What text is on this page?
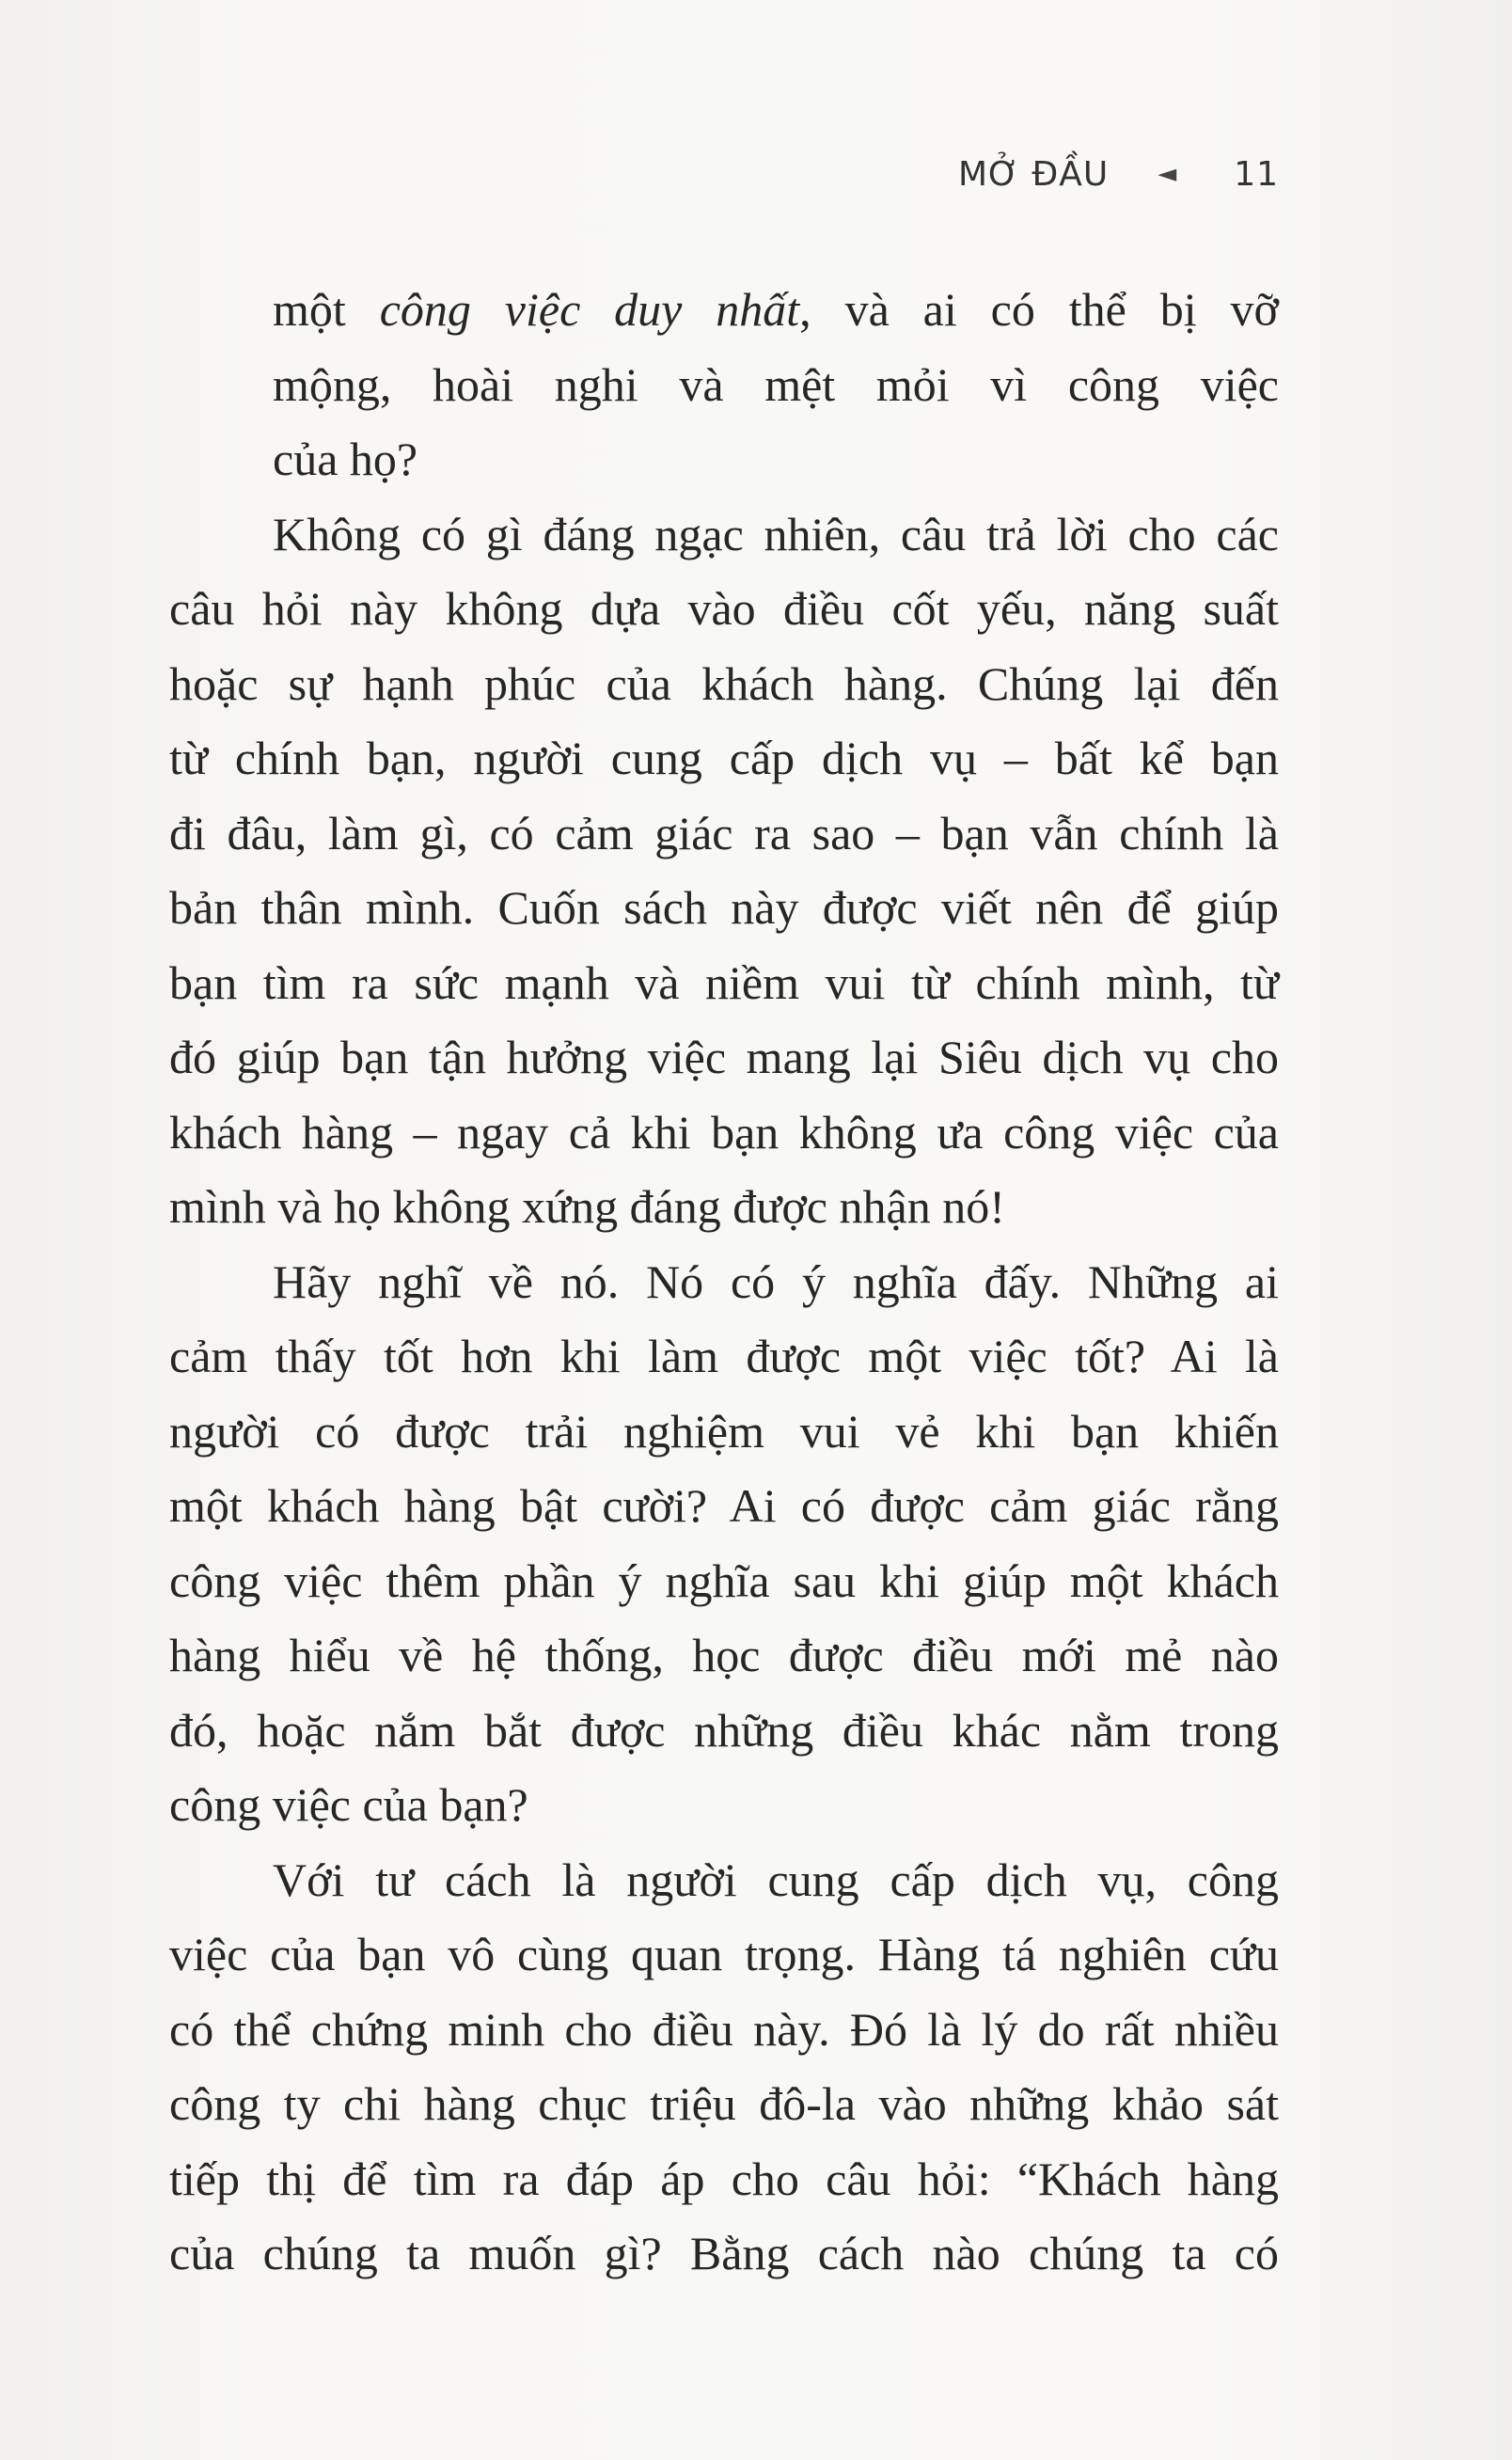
MỞ ĐẦU ◄ 11
một công việc duy nhất, và ai có thể bị vỡ
mộng, hoài nghi và mệt mỏi vì công việc
của họ?
Không có gì đáng ngạc nhiên, câu trả lời cho các
câu hỏi này không dựa vào điều cốt yếu, năng suất
hoặc sự hạnh phúc của khách hàng. Chúng lại đến
từ chính bạn, người cung cấp dịch vụ – bất kể bạn
đi đâu, làm gì, có cảm giác ra sao – bạn vẫn chính là
bản thân mình. Cuốn sách này được viết nên để giúp
bạn tìm ra sức mạnh và niềm vui từ chính mình, từ
đó giúp bạn tận hưởng việc mang lại Siêu dịch vụ cho
khách hàng – ngay cả khi bạn không ưa công việc của
mình và họ không xứng đáng được nhận nó!
Hãy nghĩ về nó. Nó có ý nghĩa đấy. Những ai
cảm thấy tốt hơn khi làm được một việc tốt? Ai là
người có được trải nghiệm vui vẻ khi bạn khiến
một khách hàng bật cười? Ai có được cảm giác rằng
công việc thêm phần ý nghĩa sau khi giúp một khách
hàng hiểu về hệ thống, học được điều mới mẻ nào
đó, hoặc nắm bắt được những điều khác nằm trong
công việc của bạn?
Với tư cách là người cung cấp dịch vụ, công
việc của bạn vô cùng quan trọng. Hàng tá nghiên cứu
có thể chứng minh cho điều này. Đó là lý do rất nhiều
công ty chi hàng chục triệu đô-la vào những khảo sát
tiếp thị để tìm ra đáp áp cho câu hỏi: “Khách hàng
của chúng ta muốn gì? Bằng cách nào chúng ta có
